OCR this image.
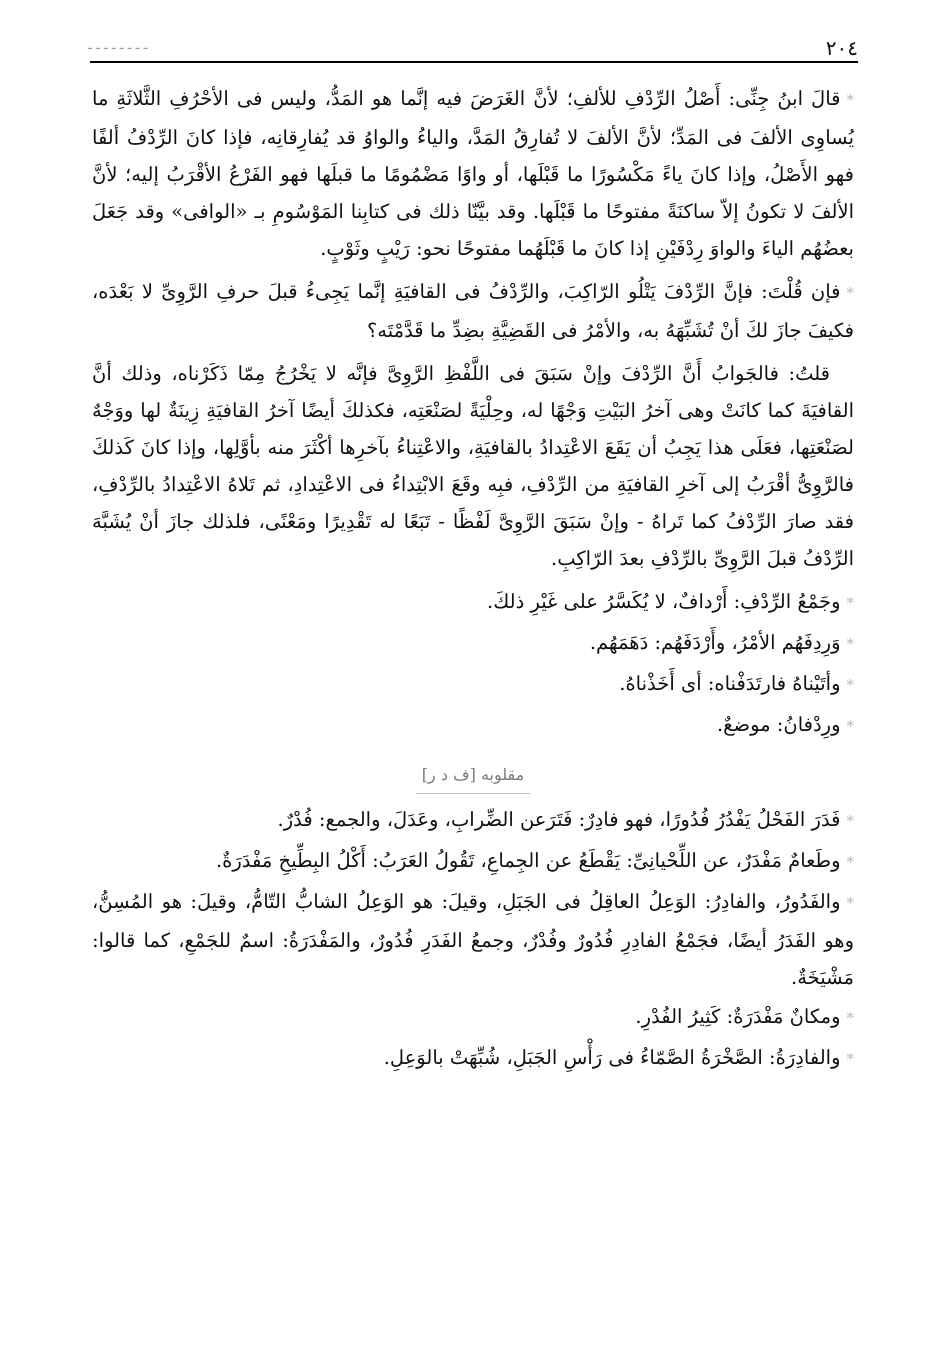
٢٠٤
ـ ـ ـ ـ ـ ـ ـ ـ

*قالَ ابنُ جِنِّى: أَصْلُ الرِّدْفِ للألفِ؛ لأنَّ الغَرَضَ فيه إنَّما هو المَدُّ، وليس فى الأحْرُفِ الثَّلاثَةِ ما يُساوِى الألفَ فى المَدِّ؛ لأنَّ الألفَ لا تُفارِقُ المَدَّ، والياءُ والواوُ قد يُفارِقانِه، فإذا كانَ الرِّدْفُ ألفًا فهو الأَصْلُ، وإذا كانَ ياءً مَكْسُورًا ما قَبْلَها، أو واوًا مَضْمُومًا ما قبلَها فهو الفَرْعُ الأقْرَبُ إليه؛ لأنَّ الألفَ لا تكونُ إلاّ ساكنَةً مفتوحًا ما قَبْلَها. وقد بيَّنّا ذلك فى كتابِنا المَوْسُومِ بـ «الوافى» وقد جَعَلَ بعضُهُم الياءَ والواوَ رِدْفَيْنِ إذا كانَ ما قَبْلَهُما مفتوحًا نحو: رَيْبٍ وثَوْبٍ.

*فإن قُلْتَ: فإنَّ الرِّدْفَ يَتْلُو الرّاكِبَ، والرِّدْفُ فى القافيَةِ إنَّما يَجِىءُ قبلَ حرفِ الرَّوِىِّ لا بَعْدَه، فكيفَ جازَ لكَ أنْ تُشَبِّهَهُ به، والأمْرُ فى القَضِيَّةِ بضِدِّ ما قَدَّمْتَه؟

قلتُ: فالجَوابُ أَنَّ الرِّدْفَ وإنْ سَبَقَ فى اللَّفْظِ الرَّوِىَّ فإنَّه لا يَخْرُجُ مِمّا ذَكَرْناه، وذلك أنَّ القافيَةَ كما كانَتْ وهى آخرُ البَيْتِ وَجْهًا له، وحِلْيَةً لصَنْعَتِه، فكذلكَ أيضًا آخرُ القافيَةِ زِينَةٌ لها ووَجْهٌ لصَنْعَتِها، فعَلَى هذا يَجِبُ أن يَقَعَ الاعْتِدادُ بالقافيَةِ، والاعْتِناءُ بآخرِها أكْثَرَ منه بأوَّلِها، وإذا كانَ كَذلكَ فالرَّوِىُّ أقْرَبُ إلى آخرِ القافيَةِ من الرِّدْفِ، فبِه وقَعَ الابْتِداءُ فى الاعْتِدادِ، ثم تَلاهُ الاعْتِدادُ بالرِّدْفِ، فقد صارَ الرِّدْفُ كما تَراهُ - وإنْ سَبَقَ الرَّوِىَّ لَفْظًا - تَبَعًا له تَقْدِيرًا ومَعْنًى، فلذلك جازَ أنْ يُشَبَّهَ الرِّدْفُ قبلَ الرَّوِىِّ بالرِّدْفِ بعدَ الرّاكِبِ.

*وجَمْعُ الرِّدْفِ: أَرْدافٌ، لا يُكَسَّرُ على غَيْرِ ذلكَ.

*وَرِدِفَهُم الأمْرُ، وأَرْدَفَهُم: دَهَمَهُم.

*وأتَيْناهُ فارتَدَفْناه: أى أَخَذْناهُ.

*ورِدْفانُ: موضعٌ.

مقلوبه [ف د ر]

*فَدَرَ الفَحْلُ يَفْدُرُ فُدُورًا، فهو فادِرٌ: فَتَرَعن الضِّرابِ، وعَدَلَ، والجمع: فُدْرٌ.

*وطَعامٌ مَفْدَرٌ، عن اللِّحْيانِىِّ: يَقْطَعُ عن الجِماعِ، تَقُولُ العَرَبُ: أَكْلُ البِطِّيخِ مَفْدَرَةٌ.

*والفَدُورُ، والفادِرُ: الوَعِلُ العاقِلُ فى الجَبَلِ، وقيلَ: هو الوَعِلُ الشابُّ التّامُّ، وقيلَ: هو المُسِنُّ، وهو الفَدَرُ أيضًا، فجَمْعُ الفادِرِ فُدُورٌ وفُدْرٌ، وجمعُ الفَدَرِ فُدُورٌ، والمَفْدَرَةُ: اسمٌ للجَمْعِ، كما قالوا: مَشْيَخَةٌ.

*ومكانٌ مَفْدَرَةٌ: كَثِيرُ الفُدْرِ.

*والفادِرَةُ: الصَّخْرَةُ الصَّمّاءُ فى رَأْسِ الجَبَلِ، شُبِّهَتْ بالوَعِلِ.
